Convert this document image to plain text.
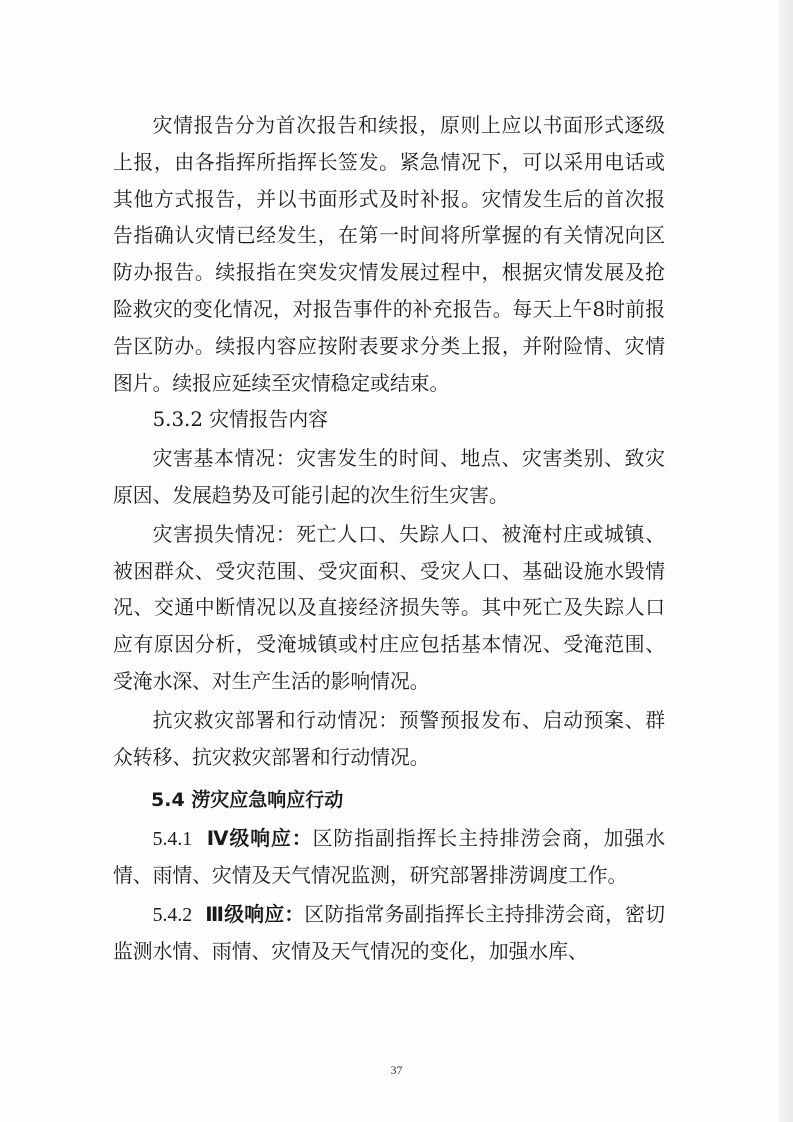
灾情报告分为首次报告和续报，原则上应以书面形式逐级上报，由各指挥所指挥长签发。紧急情况下，可以采用电话或其他方式报告，并以书面形式及时补报。灾情发生后的首次报告指确认灾情已经发生，在第一时间将所掌握的有关情况向区防办报告。续报指在突发灾情发展过程中，根据灾情发展及抢险救灾的变化情况，对报告事件的补充报告。每天上午8时前报告区防办。续报内容应按附表要求分类上报，并附险情、灾情图片。续报应延续至灾情稳定或结束。

5.3.2 灾情报告内容

灾害基本情况：灾害发生的时间、地点、灾害类别、致灾原因、发展趋势及可能引起的次生衍生灾害。

灾害损失情况：死亡人口、失踪人口、被淹村庄或城镇、被困群众、受灾范围、受灾面积、受灾人口、基础设施水毁情况、交通中断情况以及直接经济损失等。其中死亡及失踪人口应有原因分析，受淹城镇或村庄应包括基本情况、受淹范围、受淹水深、对生产生活的影响情况。

抗灾救灾部署和行动情况：预警预报发布、启动预案、群众转移、抗灾救灾部署和行动情况。

5.4 涝灾应急响应行动

5.4.1 Ⅳ级响应：区防指副指挥长主持排涝会商，加强水情、雨情、灾情及天气情况监测，研究部署排涝调度工作。

5.4.2 Ⅲ级响应：区防指常务副指挥长主持排涝会商，密切监测水情、雨情、灾情及天气情况的变化，加强水库、

37
